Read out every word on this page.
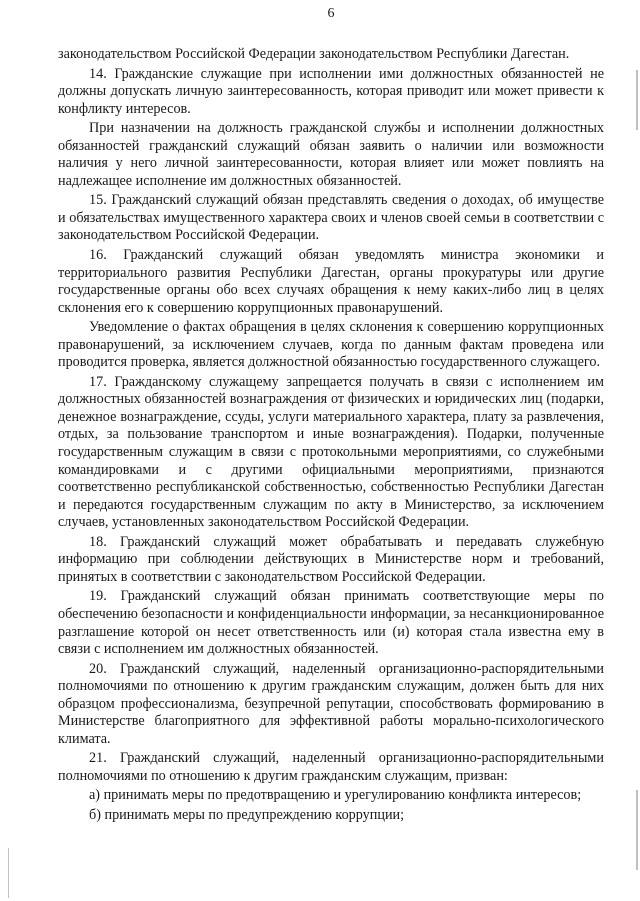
6

законодательством Российской Федерации законодательством Республики Дагестан.

14. Гражданские служащие при исполнении ими должностных обязанностей не должны допускать личную заинтересованность, которая приводит или может привести к конфликту интересов.

При назначении на должность гражданской службы и исполнении должностных обязанностей гражданский служащий обязан заявить о наличии или возможности наличия у него личной заинтересованности, которая влияет или может повлиять на надлежащее исполнение им должностных обязанностей.

15. Гражданский служащий обязан представлять сведения о доходах, об имуществе и обязательствах имущественного характера своих и членов своей семьи в соответствии с законодательством Российской Федерации.

16. Гражданский служащий обязан уведомлять министра экономики и территориального развития Республики Дагестан, органы прокуратуры или другие государственные органы обо всех случаях обращения к нему каких-либо лиц в целях склонения его к совершению коррупционных правонарушений.

Уведомление о фактах обращения в целях склонения к совершению коррупционных правонарушений, за исключением случаев, когда по данным фактам проведена или проводится проверка, является должностной обязанностью государственного служащего.

17. Гражданскому служащему запрещается получать в связи с исполнением им должностных обязанностей вознаграждения от физических и юридических лиц (подарки, денежное вознаграждение, ссуды, услуги материального характера, плату за развлечения, отдых, за пользование транспортом и иные вознаграждения). Подарки, полученные государственным служащим в связи с протокольными мероприятиями, со служебными командировками и с другими официальными мероприятиями, признаются соответственно республиканской собственностью, собственностью Республики Дагестан и передаются государственным служащим по акту в Министерство, за исключением случаев, установленных законодательством Российской Федерации.

18. Гражданский служащий может обрабатывать и передавать служебную информацию при соблюдении действующих в Министерстве норм и требований, принятых в соответствии с законодательством Российской Федерации.

19. Гражданский служащий обязан принимать соответствующие меры по обеспечению безопасности и конфиденциальности информации, за несанкционированное разглашение которой он несет ответственность или (и) которая стала известна ему в связи с исполнением им должностных обязанностей.

20. Гражданский служащий, наделенный организационно-распорядительными полномочиями по отношению к другим гражданским служащим, должен быть для них образцом профессионализма, безупречной репутации, способствовать формированию в Министерстве благоприятного для эффективной работы морально-психологического климата.

21. Гражданский служащий, наделенный организационно-распорядительными полномочиями по отношению к другим гражданским служащим, призван:

а) принимать меры по предотвращению и урегулированию конфликта интересов;

б) принимать меры по предупреждению коррупции;
